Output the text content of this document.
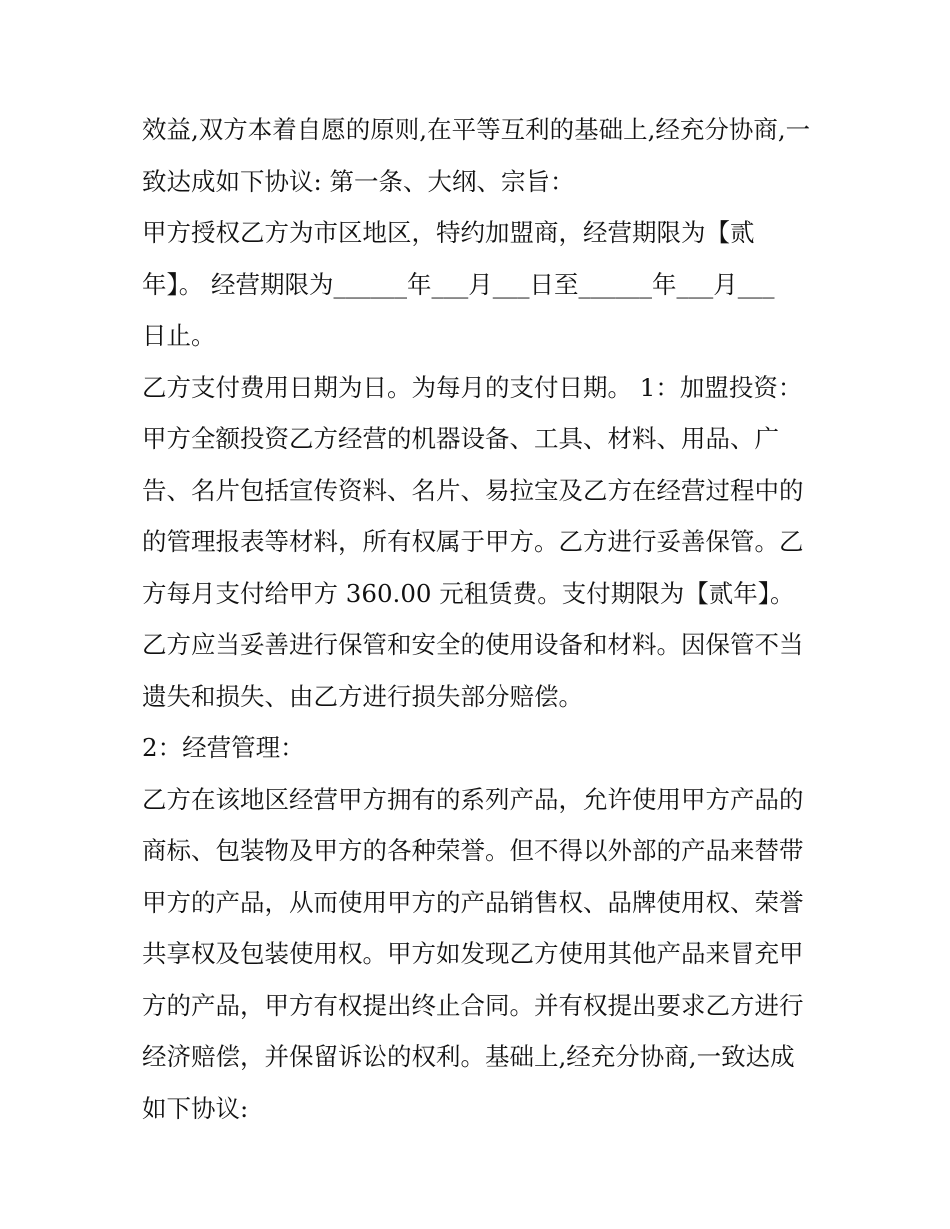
效益,双方本着自愿的原则,在平等互利的基础上,经充分协商,一
致达成如下协议: 第一条、大纲、宗旨：
甲方授权乙方为市区地区，特约加盟商，经营期限为【贰
年】。 经营期限为______年___月___日至______年___月___
日止。
乙方支付费用日期为日。为每月的支付日期。 1：加盟投资：
甲方全额投资乙方经营的机器设备、工具、材料、用品、广
告、名片包括宣传资料、名片、易拉宝及乙方在经营过程中的
的管理报表等材料，所有权属于甲方。乙方进行妥善保管。乙
方每月支付给甲方 360.00 元租赁费。支付期限为【贰年】。
乙方应当妥善进行保管和安全的使用设备和材料。因保管不当
遗失和损失、由乙方进行损失部分赔偿。
2：经营管理：
乙方在该地区经营甲方拥有的系列产品，允许使用甲方产品的
商标、包装物及甲方的各种荣誉。但不得以外部的产品来替带
甲方的产品，从而使用甲方的产品销售权、品牌使用权、荣誉
共享权及包装使用权。甲方如发现乙方使用其他产品来冒充甲
方的产品，甲方有权提出终止合同。并有权提出要求乙方进行
经济赔偿，并保留诉讼的权利。基础上,经充分协商,一致达成
如下协议:
